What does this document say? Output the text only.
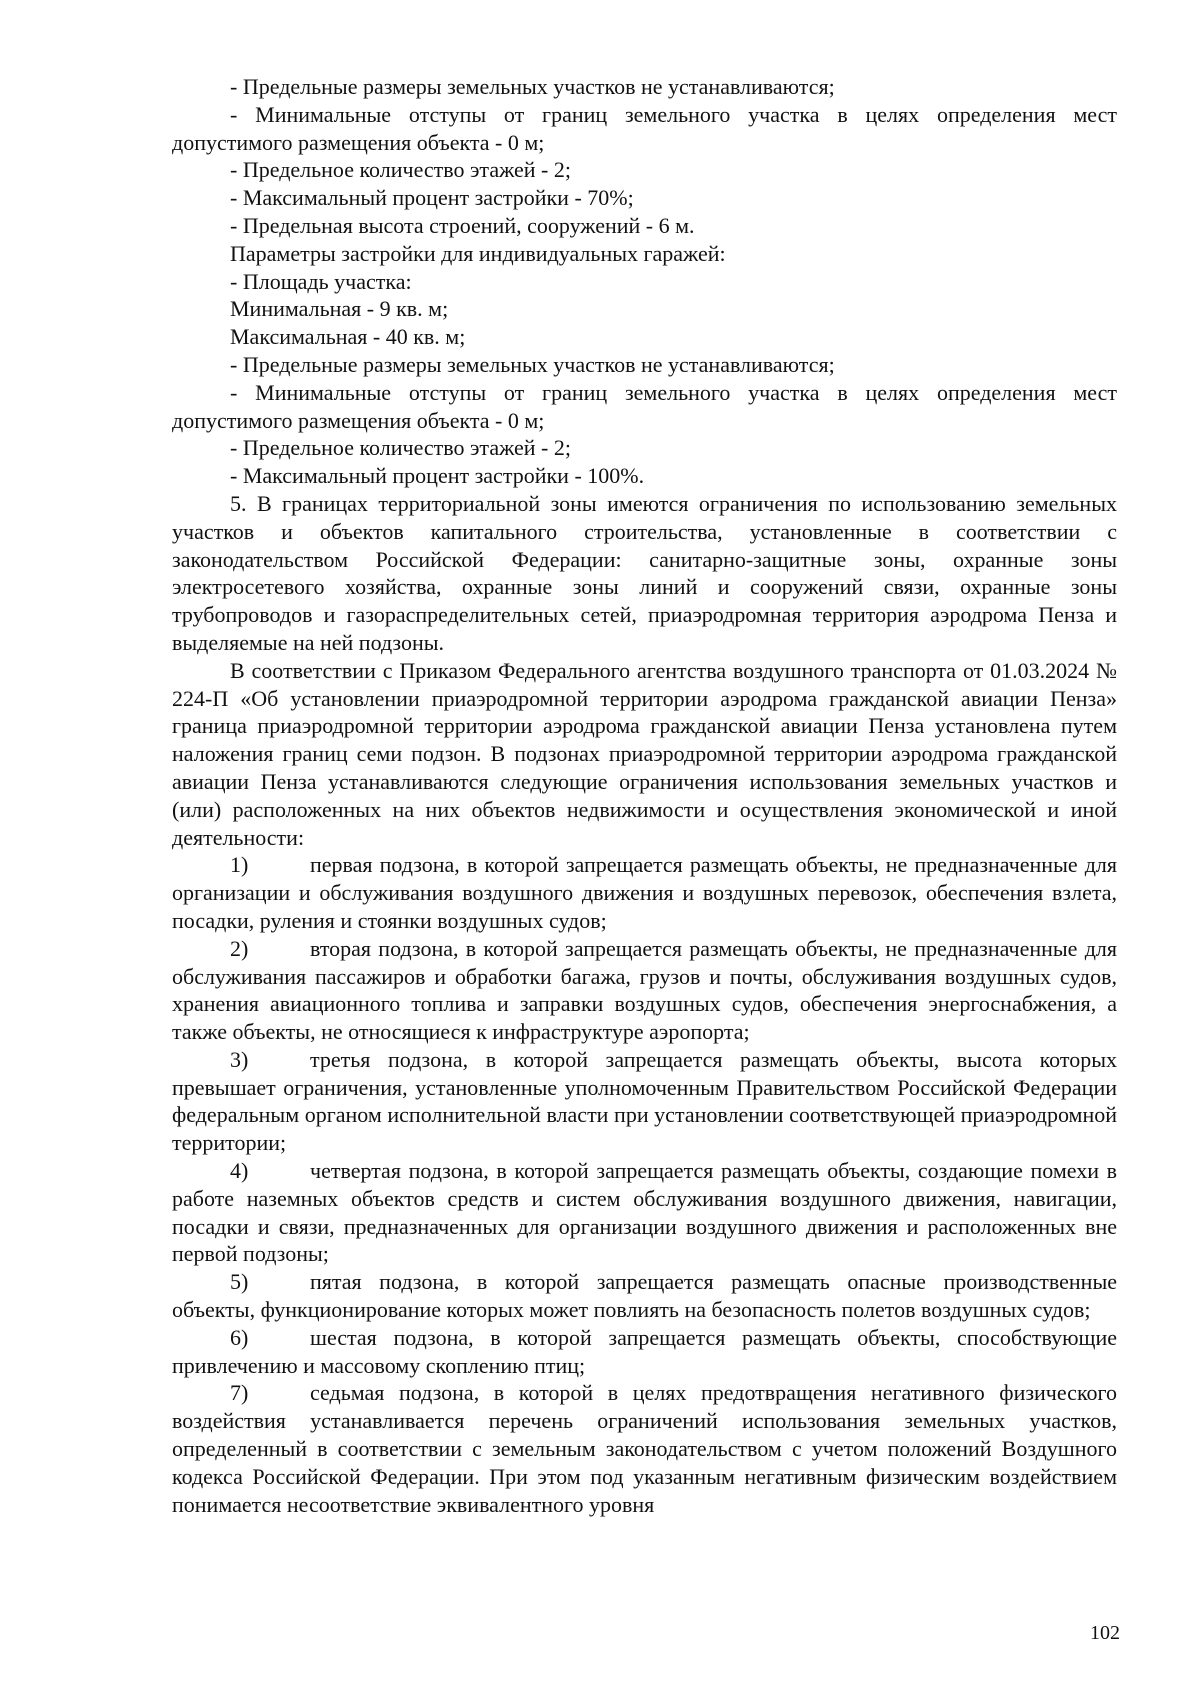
- Предельные размеры земельных участков не устанавливаются;

- Минимальные отступы от границ земельного участка в целях определения мест допустимого размещения объекта - 0 м;

- Предельное количество этажей - 2;

- Максимальный процент застройки - 70%;

- Предельная высота строений, сооружений - 6 м.

Параметры застройки для индивидуальных гаражей:

- Площадь участка:

Минимальная - 9 кв. м;

Максимальная - 40 кв. м;

- Предельные размеры земельных участков не устанавливаются;

- Минимальные отступы от границ земельного участка в целях определения мест допустимого размещения объекта - 0 м;

- Предельное количество этажей - 2;

- Максимальный процент застройки - 100%.

5. В границах территориальной зоны имеются ограничения по использованию земельных участков и объектов капитального строительства, установленные в соответствии с законодательством Российской Федерации: санитарно-защитные зоны, охранные зоны электросетевого хозяйства, охранные зоны линий и сооружений связи, охранные зоны трубопроводов и газораспределительных сетей, приаэродромная территория аэродрома Пенза и выделяемые на ней подзоны.

В соответствии с Приказом Федерального агентства воздушного транспорта от 01.03.2024 № 224-П «Об установлении приаэродромной территории аэродрома гражданской авиации Пенза» граница приаэродромной территории аэродрома гражданской авиации Пенза установлена путем наложения границ семи подзон. В подзонах приаэродромной территории аэродрома гражданской авиации Пенза устанавливаются следующие ограничения использования земельных участков и (или) расположенных на них объектов недвижимости и осуществления экономической и иной деятельности:

1)	первая подзона, в которой запрещается размещать объекты, не предназначенные для организации и обслуживания воздушного движения и воздушных перевозок, обеспечения взлета, посадки, руления и стоянки воздушных судов;

2)	вторая подзона, в которой запрещается размещать объекты, не предназначенные для обслуживания пассажиров и обработки багажа, грузов и почты, обслуживания воздушных судов, хранения авиационного топлива и заправки воздушных судов, обеспечения энергоснабжения, а также объекты, не относящиеся к инфраструктуре аэропорта;

3)	третья подзона, в которой запрещается размещать объекты, высота которых превышает ограничения, установленные уполномоченным Правительством Российской Федерации федеральным органом исполнительной власти при установлении соответствующей приаэродромной территории;

4)	четвертая подзона, в которой запрещается размещать объекты, создающие помехи в работе наземных объектов средств и систем обслуживания воздушного движения, навигации, посадки и связи, предназначенных для организации воздушного движения и расположенных вне первой подзоны;

5)	пятая подзона, в которой запрещается размещать опасные производственные объекты, функционирование которых может повлиять на безопасность полетов воздушных судов;

6)	шестая подзона, в которой запрещается размещать объекты, способствующие привлечению и массовому скоплению птиц;

7)	седьмая подзона, в которой в целях предотвращения негативного физического воздействия устанавливается перечень ограничений использования земельных участков, определенный в соответствии с земельным законодательством с учетом положений Воздушного кодекса Российской Федерации. При этом под указанным негативным физическим воздействием понимается несоответствие эквивалентного уровня

102
